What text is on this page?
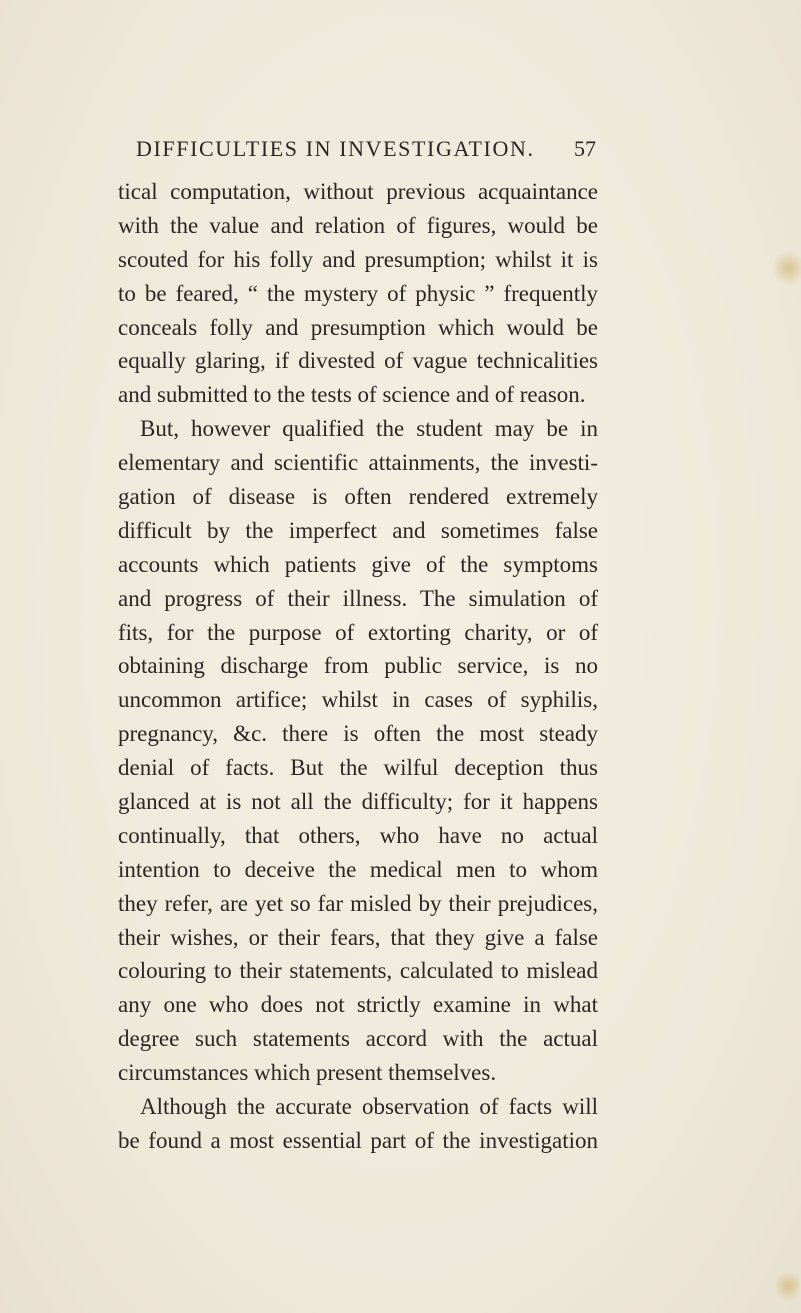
DIFFICULTIES IN INVESTIGATION. 57
tical computation, without previous acquaintance
with the value and relation of figures, would be
scouted for his folly and presumption; whilst it is
to be feared, “ the mystery of physic ” frequently
conceals folly and presumption which would be
equally glaring, if divested of vague technicalities
and submitted to the tests of science and of reason.
But, however qualified the student may be in
elementary and scientific attainments, the investi-
gation of disease is often rendered extremely
difficult by the imperfect and sometimes false
accounts which patients give of the symptoms
and progress of their illness. The simulation of
fits, for the purpose of extorting charity, or of
obtaining discharge from public service, is no
uncommon artifice; whilst in cases of syphilis,
pregnancy, &c. there is often the most steady
denial of facts. But the wilful deception thus
glanced at is not all the difficulty; for it happens
continually, that others, who have no actual
intention to deceive the medical men to whom
they refer, are yet so far misled by their prejudices,
their wishes, or their fears, that they give a false
colouring to their statements, calculated to mislead
any one who does not strictly examine in what
degree such statements accord with the actual
circumstances which present themselves.
Although the accurate observation of facts will
be found a most essential part of the investigation
